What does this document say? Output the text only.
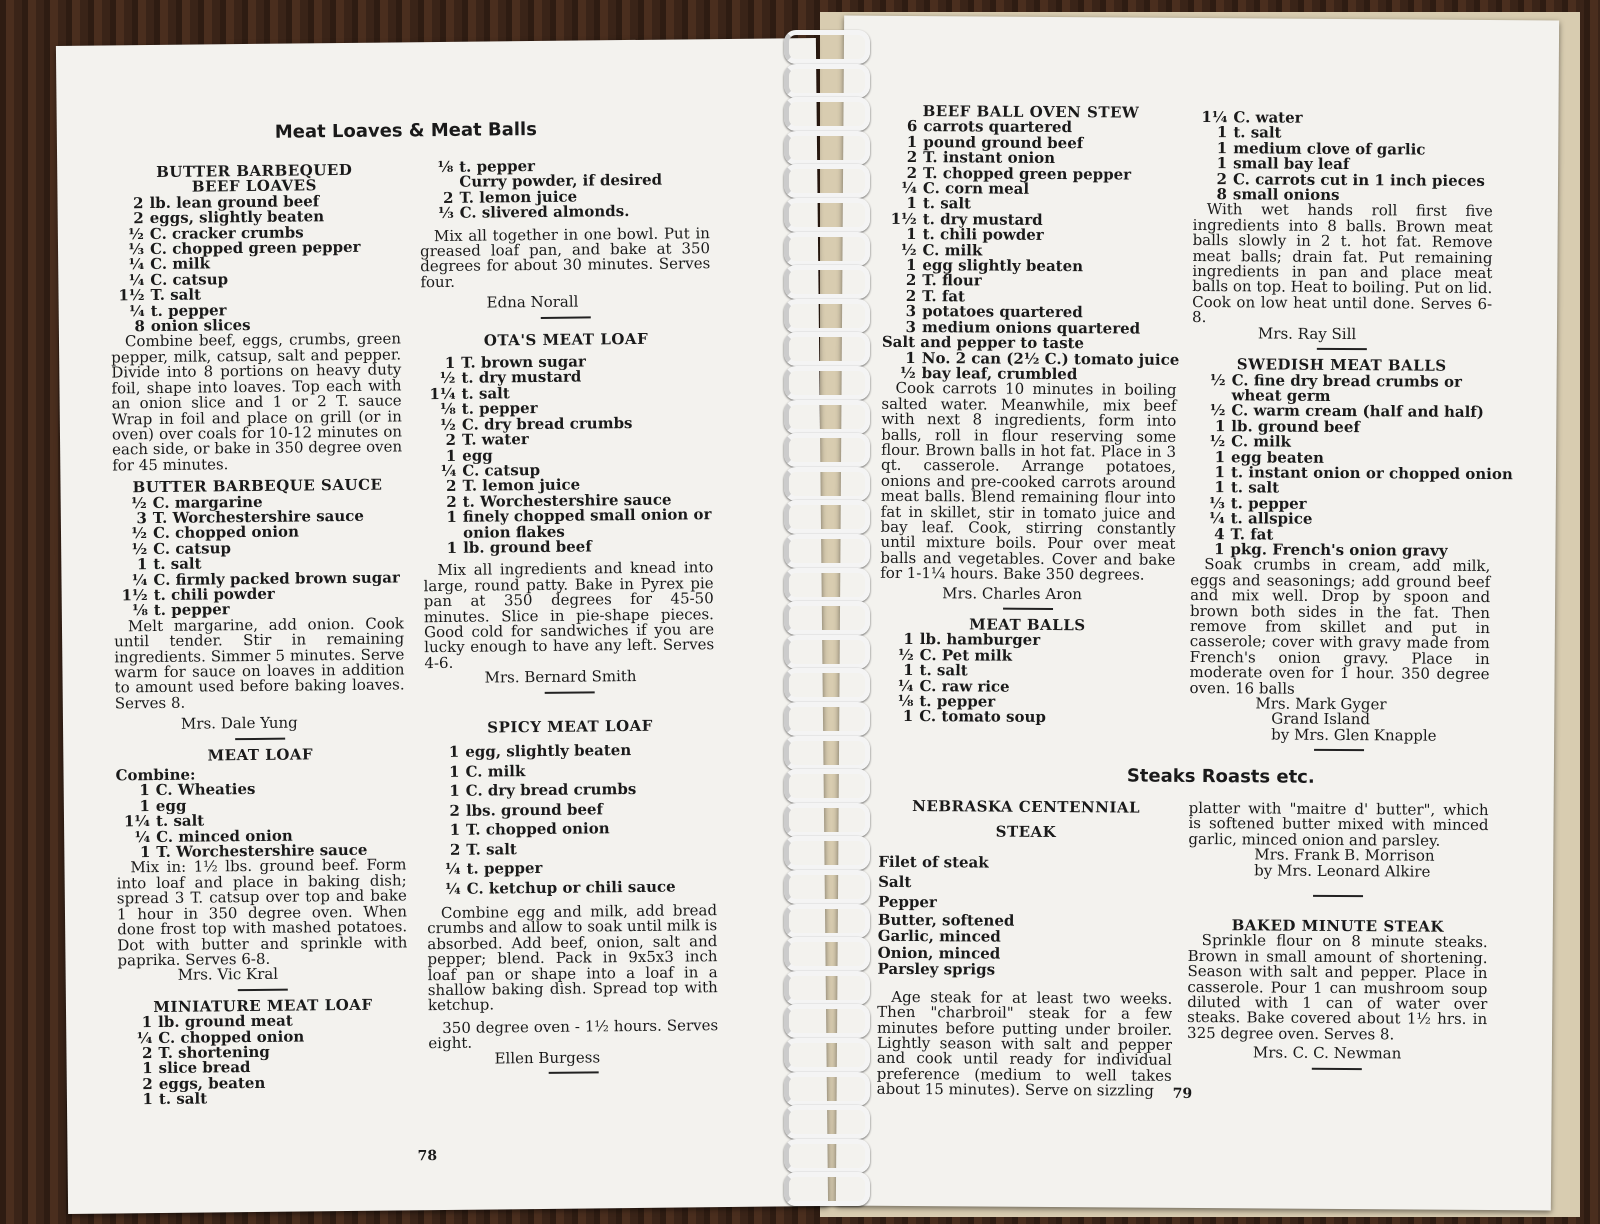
Meat Loaves & Meat Balls
BUTTER BARBEQUED
BEEF LOAVES
2 lb. lean ground beef
2 eggs, slightly beaten
½ C. cracker crumbs
⅓ C. chopped green pepper
¼ C. milk
¼ C. catsup
1½ T. salt
¼ t. pepper
8 onion slices
Combine beef, eggs, crumbs, green pepper, milk, catsup, salt and pepper. Divide into 8 portions on heavy duty foil, shape into loaves. Top each with an onion slice and 1 or 2 T. sauce Wrap in foil and place on grill (or in oven) over coals for 10-12 minutes on each side, or bake in 350 degree oven for 45 minutes.
BUTTER BARBEQUE SAUCE
½ C. margarine
3 T. Worchestershire sauce
½ C. chopped onion
½ C. catsup
1 t. salt
¼ C. firmly packed brown sugar
1½ t. chili powder
⅛ t. pepper
Melt margarine, add onion. Cook until tender. Stir in remaining ingredients. Simmer 5 minutes. Serve warm for sauce on loaves in addition to amount used before baking loaves. Serves 8.
Mrs. Dale Yung
MEAT LOAF
Combine:
1 C. Wheaties
1 egg
1¼ t. salt
¼ C. minced onion
1 T. Worchestershire sauce
Mix in: 1½ lbs. ground beef. Form into loaf and place in baking dish; spread 3 T. catsup over top and bake 1 hour in 350 degree oven. When done frost top with mashed potatoes. Dot with butter and sprinkle with paprika. Serves 6-8.
Mrs. Vic Kral
MINIATURE MEAT LOAF
1 lb. ground meat
¼ C. chopped onion
2 T. shortening
1 slice bread
2 eggs, beaten
1 t. salt
⅛ t. pepper
Curry powder, if desired
2 T. lemon juice
⅓ C. slivered almonds.
Mix all together in one bowl. Put in greased loaf pan, and bake at 350 degrees for about 30 minutes. Serves four.
Edna Norall
OTA'S MEAT LOAF
1 T. brown sugar
½ t. dry mustard
1¼ t. salt
⅛ t. pepper
½ C. dry bread crumbs
2 T. water
1 egg
¼ C. catsup
2 T. lemon juice
2 t. Worchestershire sauce
1 finely chopped small onion or
onion flakes
1 lb. ground beef
Mix all ingredients and knead into large, round patty. Bake in Pyrex pie pan at 350 degrees for 45-50 minutes. Slice in pie-shape pieces. Good cold for sandwiches if you are lucky enough to have any left. Serves 4-6.
Mrs. Bernard Smith
SPICY MEAT LOAF
1 egg, slightly beaten
1 C. milk
1 C. dry bread crumbs
2 lbs. ground beef
1 T. chopped onion
2 T. salt
¼ t. pepper
¼ C. ketchup or chili sauce
Combine egg and milk, add bread crumbs and allow to soak until milk is absorbed. Add beef, onion, salt and pepper; blend. Pack in 9x5x3 inch loaf pan or shape into a loaf in a shallow baking dish. Spread top with ketchup.
350 degree oven - 1½ hours. Serves eight.
Ellen Burgess
78
BEEF BALL OVEN STEW
6 carrots quartered
1 pound ground beef
2 T. instant onion
2 T. chopped green pepper
¼ C. corn meal
1 t. salt
1½ t. dry mustard
1 t. chili powder
½ C. milk
1 egg slightly beaten
2 T. flour
2 T. fat
3 potatoes quartered
3 medium onions quartered
Salt and pepper to taste
1 No. 2 can (2½ C.) tomato juice
½ bay leaf, crumbled
Cook carrots 10 minutes in boiling salted water. Meanwhile, mix beef with next 8 ingredients, form into balls, roll in flour reserving some flour. Brown balls in hot fat. Place in 3 qt. casserole. Arrange potatoes, onions and pre-cooked carrots around meat balls. Blend remaining flour into fat in skillet, stir in tomato juice and bay leaf. Cook, stirring constantly until mixture boils. Pour over meat balls and vegetables. Cover and bake for 1-1¼ hours. Bake 350 degrees.
Mrs. Charles Aron
MEAT BALLS
1 lb. hamburger
½ C. Pet milk
1 t. salt
¼ C. raw rice
⅛ t. pepper
1 C. tomato soup
1¼ C. water
1 t. salt
1 medium clove of garlic
1 small bay leaf
2 C. carrots cut in 1 inch pieces
8 small onions
With wet hands roll first five ingredients into 8 balls. Brown meat balls slowly in 2 t. hot fat. Remove meat balls; drain fat. Put remaining ingredients in pan and place meat balls on top. Heat to boiling. Put on lid. Cook on low heat until done. Serves 6-8.
Mrs. Ray Sill
SWEDISH MEAT BALLS
½ C. fine dry bread crumbs or
wheat germ
½ C. warm cream (half and half)
1 lb. ground beef
½ C. milk
1 egg beaten
1 t. instant onion or chopped onion
1 t. salt
⅓ t. pepper
¼ t. allspice
4 T. fat
1 pkg. French's onion gravy
Soak crumbs in cream, add milk, eggs and seasonings; add ground beef and mix well. Drop by spoon and brown both sides in the fat. Then remove from skillet and put in casserole; cover with gravy made from French's onion gravy. Place in moderate oven for 1 hour. 350 degree oven. 16 balls
Mrs. Mark Gyger
Grand Island
by Mrs. Glen Knapple
Steaks Roasts etc.
NEBRASKA CENTENNIAL
STEAK
Filet of steak
Salt
Pepper
Butter, softened
Garlic, minced
Onion, minced
Parsley sprigs
Age steak for at least two weeks. Then "charbroil" steak for a few minutes before putting under broiler. Lightly season with salt and pepper and cook until ready for individual preference (medium to well takes about 15 minutes). Serve on sizzling
platter with "maitre d' butter", which is softened butter mixed with minced garlic, minced onion and parsley.
Mrs. Frank B. Morrison
by Mrs. Leonard Alkire
BAKED MINUTE STEAK
Sprinkle flour on 8 minute steaks. Brown in small amount of shortening. Season with salt and pepper. Place in casserole. Pour 1 can mushroom soup diluted with 1 can of water over steaks. Bake covered about 1½ hrs. in 325 degree oven. Serves 8.
Mrs. C. C. Newman
79
